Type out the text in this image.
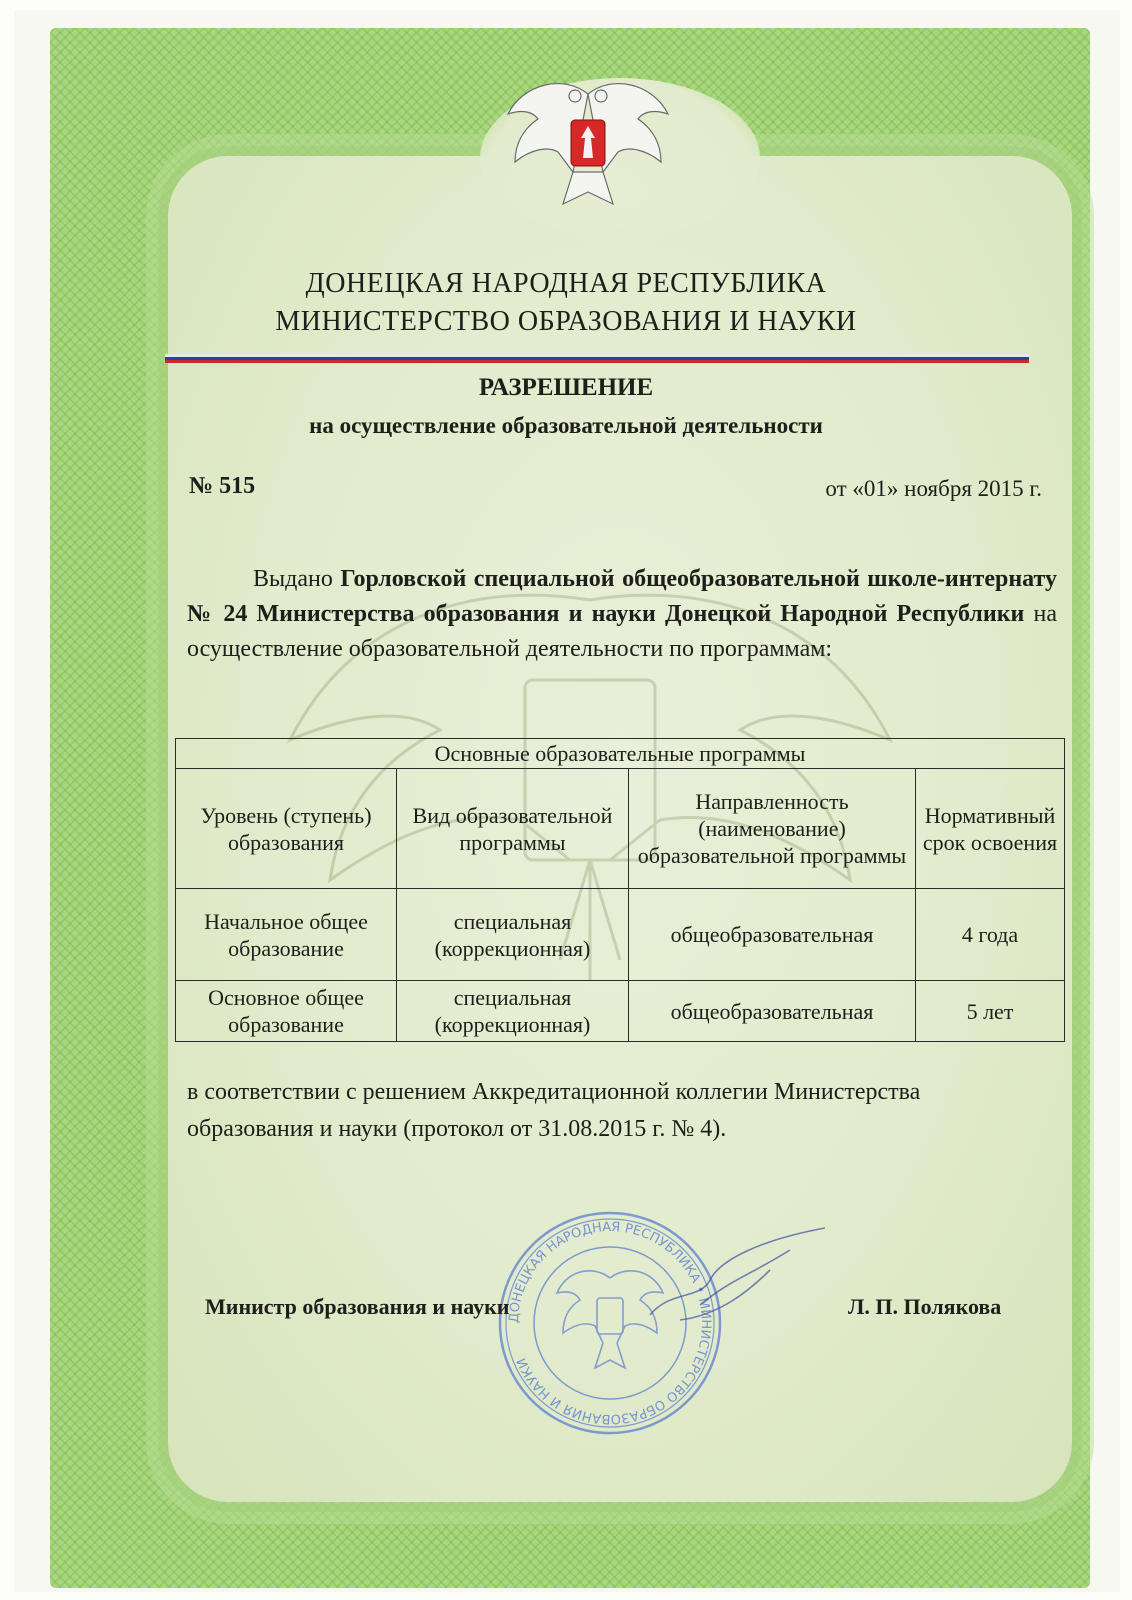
ДОНЕЦКАЯ НАРОДНАЯ РЕСПУБЛИКА
МИНИСТЕРСТВО ОБРАЗОВАНИЯ И НАУКИ
РАЗРЕШЕНИЕ
на осуществление образовательной деятельности
№ 515	от «01» ноября 2015 г.
Выдано Горловской специальной общеобразовательной школе-интернату № 24 Министерства образования и науки Донецкой Народной Республики на осуществление образовательной деятельности по программам:
Основные образовательные программы			
Уровень (ступень) образования	Вид образовательной программы	Направленность (наименование) образовательной программы	Нормативный срок освоения
Начальное общее образование	специальная (коррекционная)	общеобразовательная	4 года
Основное общее образование	специальная (коррекционная)	общеобразовательная	5 лет
в соответствии с решением Аккредитационной коллегии Министерства образования и науки (протокол от 31.08.2015 г. № 4).
ДОНЕЦКАЯ НАРОДНАЯ РЕСПУБЛИКА • МИНИСТЕРСТВО ОБРАЗОВАНИЯ И НАУКИ
Министр образования и науки	Л. П. Полякова
